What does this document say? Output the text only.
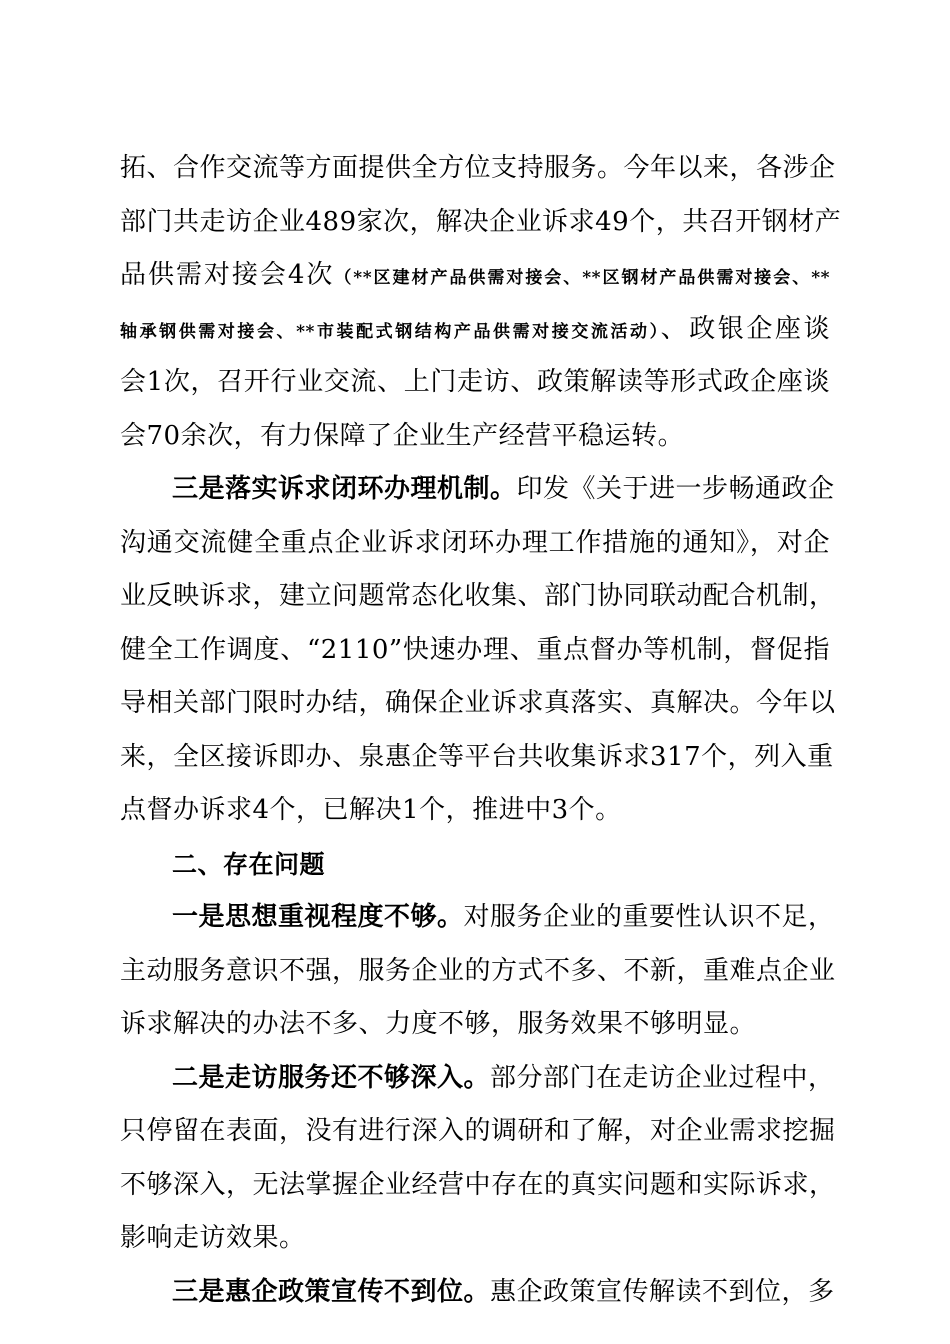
拓、合作交流等方面提供全方位支持服务。今年以来，各涉企
部门共走访企业489家次，解决企业诉求49个，共召开钢材产
品供需对接会4次（**区建材产品供需对接会、**区钢材产品供需对接会、**
轴承钢供需对接会、**市装配式钢结构产品供需对接交流活动）、政银企座谈
会1次，召开行业交流、上门走访、政策解读等形式政企座谈
会70余次，有力保障了企业生产经营平稳运转。
三是落实诉求闭环办理机制。印发《关于进一步畅通政企
沟通交流健全重点企业诉求闭环办理工作措施的通知》，对企
业反映诉求，建立问题常态化收集、部门协同联动配合机制，
健全工作调度、“2110”快速办理、重点督办等机制，督促指
导相关部门限时办结，确保企业诉求真落实、真解决。今年以
来，全区接诉即办、泉惠企等平台共收集诉求317个，列入重
点督办诉求4个，已解决1个，推进中3个。
二、存在问题
一是思想重视程度不够。对服务企业的重要性认识不足，
主动服务意识不强，服务企业的方式不多、不新，重难点企业
诉求解决的办法不多、力度不够，服务效果不够明显。
二是走访服务还不够深入。部分部门在走访企业过程中，
只停留在表面，没有进行深入的调研和了解，对企业需求挖掘
不够深入，无法掌握企业经营中存在的真实问题和实际诉求，
影响走访效果。
三是惠企政策宣传不到位。惠企政策宣传解读不到位，多
